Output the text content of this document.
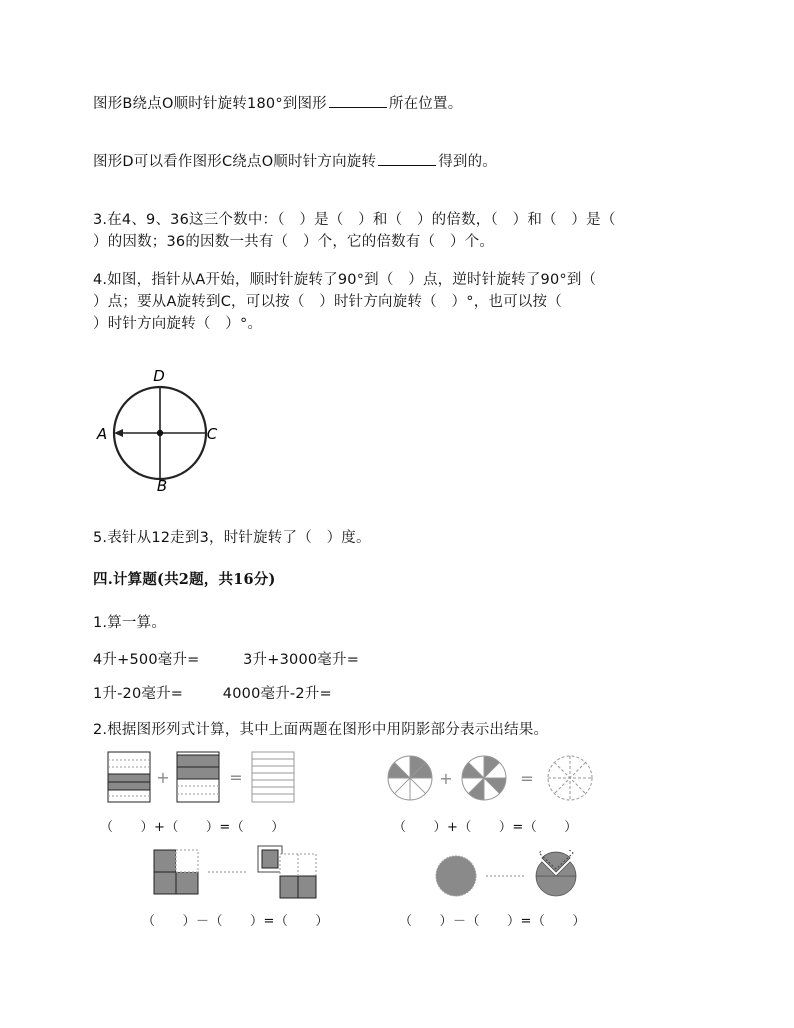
图形B绕点O顺时针旋转180°到图形	所在位置。
图形D可以看作图形C绕点O顺时针方向旋转	得到的。
3.在4、9、36这三个数中：（　）是（　）和（　）的倍数，（　）和（　）是（
）的因数；36的因数一共有（　）个，它的倍数有（　）个。
4.如图，指针从A开始，顺时针旋转了90°到（　）点，逆时针旋转了90°到（
）点；要从A旋转到C，可以按（　）时针方向旋转（　）°，也可以按（
）时针方向旋转（　）°。
D
B
A	C
5.表针从12走到3，时针旋转了（　）度。
四.计算题(共2题，共16分)
1.算一算。
4升+500毫升=	3升+3000毫升=
1升-20毫升=	4000毫升-2升=
2.根据图形列式计算，其中上面两题在图形中用阴影部分表示出结果。
+	=
（　　）+（　　）=（　　）
+	=
（　　）+（　　）=（　　）
（　　）－（　　）=（　　）	（　　）－（　　）=（　　）
